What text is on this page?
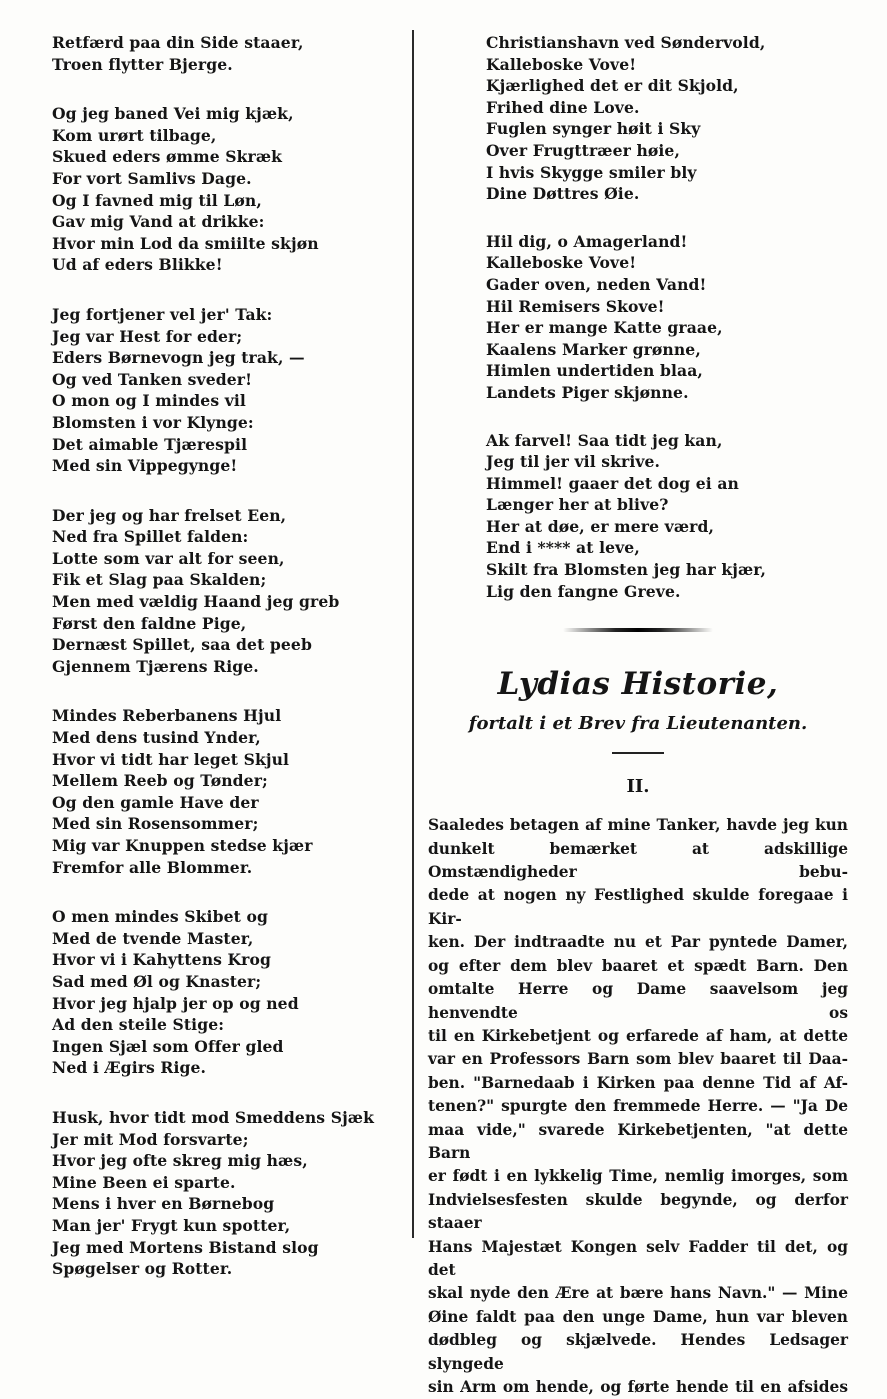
Retfærd paa din Side staaer,
Troen flytter Bjerge.
Og jeg baned Vei mig kjæk,
Kom urørt tilbage,
Skued eders ømme Skræk
For vort Samlivs Dage.
Og I favned mig til Løn,
Gav mig Vand at drikke:
Hvor min Lod da smiilte skjøn
Ud af eders Blikke!
Jeg fortjener vel jer' Tak:
Jeg var Hest for eder;
Eders Børnevogn jeg trak, —
Og ved Tanken sveder!
O mon og I mindes vil
Blomsten i vor Klynge:
Det aimable Tjærespil
Med sin Vippegynge!
Der jeg og har frelset Een,
Ned fra Spillet falden:
Lotte som var alt for seen,
Fik et Slag paa Skalden;
Men med vældig Haand jeg greb
Først den faldne Pige,
Dernæst Spillet, saa det peeb
Gjennem Tjærens Rige.
Mindes Reberbanens Hjul
Med dens tusind Ynder,
Hvor vi tidt har leget Skjul
Mellem Reeb og Tønder;
Og den gamle Have der
Med sin Rosensommer;
Mig var Knuppen stedse kjær
Fremfor alle Blommer.
O men mindes Skibet og
Med de tvende Master,
Hvor vi i Kahyttens Krog
Sad med Øl og Knaster;
Hvor jeg hjalp jer op og ned
Ad den steile Stige:
Ingen Sjæl som Offer gled
Ned i Ægirs Rige.
Husk, hvor tidt mod Smeddens Sjæk
Jer mit Mod forsvarte;
Hvor jeg ofte skreg mig hæs,
Mine Been ei sparte.
Mens i hver en Børnebog
Man jer' Frygt kun spotter,
Jeg med Mortens Bistand slog
Spøgelser og Rotter.
Christianshavn ved Søndervold,
Kalleboske Vove!
Kjærlighed det er dit Skjold,
Frihed dine Love.
Fuglen synger høit i Sky
Over Frugttræer høie,
I hvis Skygge smiler bly
Dine Døttres Øie.
Hil dig, o Amagerland!
Kalleboske Vove!
Gader oven, neden Vand!
Hil Remisers Skove!
Her er mange Katte graae,
Kaalens Marker grønne,
Himlen undertiden blaa,
Landets Piger skjønne.
Ak farvel! Saa tidt jeg kan,
Jeg til jer vil skrive.
Himmel! gaaer det dog ei an
Længer her at blive?
Her at døe, er mere værd,
End i **** at leve,
Skilt fra Blomsten jeg har kjær,
Lig den fangne Greve.
Lydias Historie,
fortalt i et Brev fra Lieutenanten.
II.
Saaledes betagen af mine Tanker, havde jeg kun
dunkelt bemærket at adskillige Omstændigheder bebu-
dede at nogen ny Festlighed skulde foregaae i Kir-
ken. Der indtraadte nu et Par pyntede Damer,
og efter dem blev baaret et spædt Barn. Den
omtalte Herre og Dame saavelsom jeg henvendte os
til en Kirkebetjent og erfarede af ham, at dette
var en Professors Barn som blev baaret til Daa-
ben. "Barnedaab i Kirken paa denne Tid af Af-
tenen?" spurgte den fremmede Herre. — "Ja De
maa vide," svarede Kirkebetjenten, "at dette Barn
er født i en lykkelig Time, nemlig imorges, som
Indvielsesfesten skulde begynde, og derfor staaer
Hans Majestæt Kongen selv Fadder til det, og det
skal nyde den Ære at bære hans Navn." — Mine
Øine faldt paa den unge Dame, hun var bleven
dødbleg og skjælvede. Hendes Ledsager slyngede
sin Arm om hende, og førte hende til en afsides
